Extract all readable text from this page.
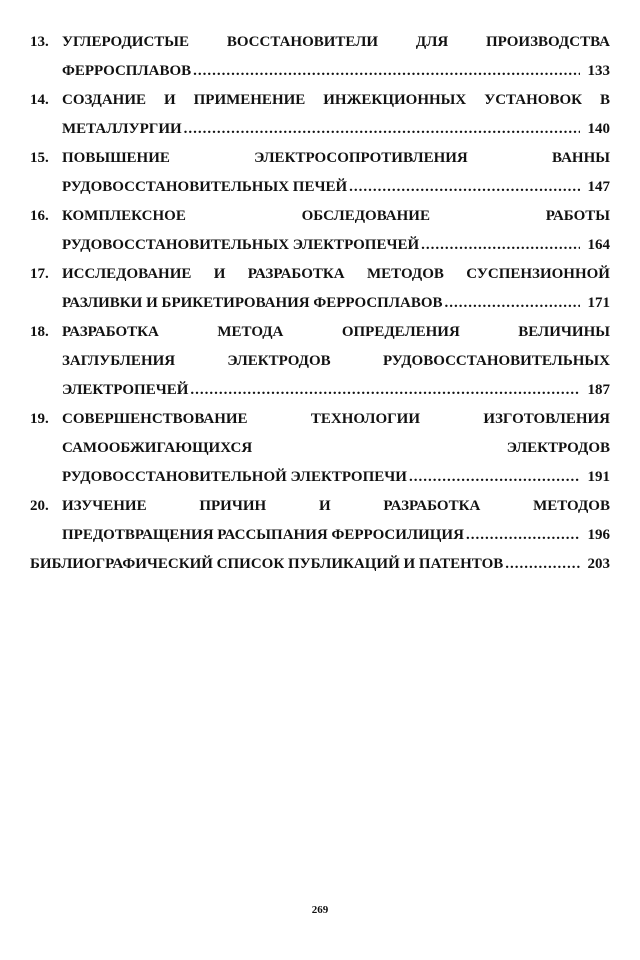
13. УГЛЕРОДИСТЫЕ	ВОССТАНОВИТЕЛИ	ДЛЯ	ПРОИЗВОДСТВА
ФЕРРОСПЛАВОВ .....	133
14. СОЗДАНИЕ И ПРИМЕНЕНИЕ ИНЖЕКЦИОННЫХ УСТАНОВОК В
МЕТАЛЛУРГИИ .....	140
15. ПОВЫШЕНИЕ	ЭЛЕКТРОСОПРОТИВЛЕНИЯ	ВАННЫ
РУДОВОССТАНОВИТЕЛЬНЫХ ПЕЧЕЙ .....	147
16. КОМПЛЕКСНОЕ	ОБСЛЕДОВАНИЕ	РАБОТЫ
РУДОВОССТАНОВИТЕЛЬНЫХ ЭЛЕКТРОПЕЧЕЙ .....	164
17. ИССЛЕДОВАНИЕ И РАЗРАБОТКА МЕТОДОВ СУСПЕНЗИОННОЙ
РАЗЛИВКИ И БРИКЕТИРОВАНИЯ ФЕРРОСПЛАВОВ .....	171
18. РАЗРАБОТКА	МЕТОДА	ОПРЕДЕЛЕНИЯ	ВЕЛИЧИНЫ
ЗАГЛУБЛЕНИЯ	ЭЛЕКТРОДОВ	РУДОВОССТАНОВИТЕЛЬНЫХ
ЭЛЕКТРОПЕЧЕЙ .....	187
19. СОВЕРШЕНСТВОВАНИЕ	ТЕХНОЛОГИИ	ИЗГОТОВЛЕНИЯ
САМООБЖИГАЮЩИХСЯ	ЭЛЕКТРОДОВ
РУДОВОССТАНОВИТЕЛЬНОЙ ЭЛЕКТРОПЕЧИ .....	191
20. ИЗУЧЕНИЕ	ПРИЧИН	И	РАЗРАБОТКА	МЕТОДОВ
ПРЕДОТВРАЩЕНИЯ РАССЫПАНИЯ ФЕРРОСИЛИЦИЯ .....	196
БИБЛИОГРАФИЧЕСКИЙ СПИСОК ПУБЛИКАЦИЙ И ПАТЕНТОВ .....	203
269
